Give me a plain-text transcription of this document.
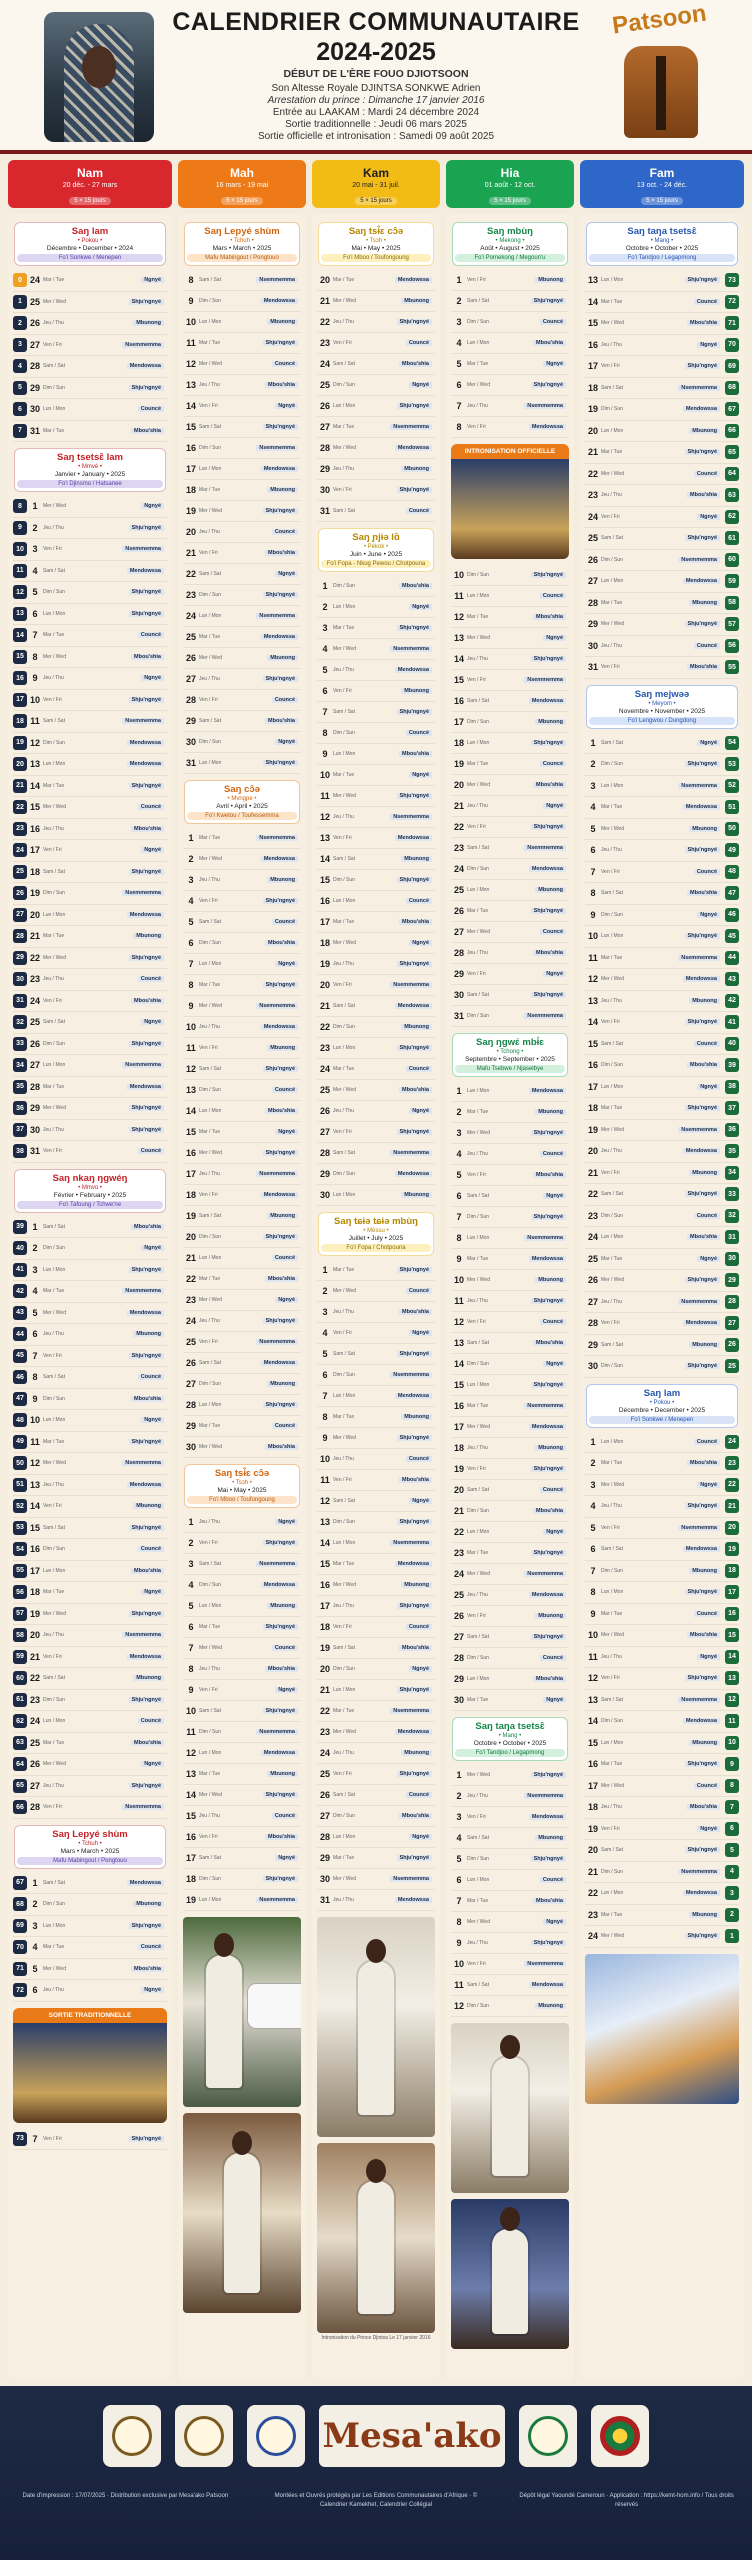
CALENDRIER COMMUNAUTAIRE
2024-2025
DÉBUT DE L'ÈRE FOUO DJIOTSOON
Son Altesse Royale DJINTSA SONKWE Adrien
Arrestation du prince : Dimanche 17 janvier 2016
Entrée au LAAKAM : Mardi 24 décembre 2024
Sortie traditionnelle : Jeudi 06 mars 2025
Sortie officielle et intronisation : Samedi 09 août 2025
Patsoon
Nam
20 déc. - 27 mars
5 × 15 jours
Mah
16 mars - 19 mai
5 × 15 jours
Kam
20 mai - 31 juil.
5 × 15 jours
Hia
01 août - 12 oct.
5 × 15 jours
Fam
13 oct. - 24 déc.
5 × 15 jours
Saŋ lam
• Pokou •
Décembre • December • 2024
Fo'i Sonkwe / Menepen
0 24 Mar / Tue	Ngnyé
1 25 Mer / Wed	Shju'ngnyé
2 26 Jeu / Thu	Mbunong
3 27 Ven / Fri	Nsemmemma
4 28 Sam / Sat	Mendowssa
5 29 Dim / Sun	Shju'ngnyé
6 30 Lun / Mon	Councé
7 31 Mar / Tue	Mbou'shia
Saŋ tsetsɛ̂ lam
• Mmvé •
Janvier • January • 2025
Fo'i Djinsmo / Hatsanee
8	1	Mer / Wed	Ngnyé
9	2	Jeu / Thu	Shju'ngnyé
10 3	Ven / Fri	Nsemmemma
11 4	Sam / Sat	Mendowssa
12 5	Dim / Sun	Shju'ngnyé
13 6	Lun / Mon	Shju'ngnyé
14 7	Mar / Tue	Councé
15 8	Mer / Wed	Mbou'shia
16 9	Jeu / Thu	Ngnyé
17 10 Ven / Fri	Shju'ngnyé
18 11 Sam / Sat	Nsemmemma
19 12 Dim / Sun	Mendowssa
20 13 Lun / Mon	Mendowssa
21 14 Mar / Tue	Shju'ngnyé
22 15 Mer / Wed	Councé
23 16 Jeu / Thu	Mbou'shia
24 17 Ven / Fri	Ngnyé
25 18 Sam / Sat	Shju'ngnyé
26 19 Dim / Sun	Nsemmemma
27 20 Lun / Mon	Mendowssa
28 21 Mar / Tue	Mbunong
29 22 Mer / Wed	Shju'ngnyé
30 23 Jeu / Thu	Councé
31 24 Ven / Fri	Mbou'shia
32 25 Sam / Sat	Ngnyé
33 26 Dim / Sun	Shju'ngnyé
34 27 Lun / Mon	Nsemmemma
35 28 Mar / Tue	Mendowssa
36 29 Mer / Wed	Shju'ngnyé
37 30 Jeu / Thu	Shju'ngnyé
38 31 Ven / Fri	Councé
Saŋ nkaŋ ŋgwéŋ
• Mmvo •
Février • February • 2025
Fo'i Tafoung / Tchwe'ne
39 1	Sam / Sat	Mbou'shia
40 2	Dim / Sun	Ngnyé
41 3	Lun / Mon	Shju'ngnyé
42 4	Mar / Tue	Nsemmemma
43 5	Mer / Wed	Mendowssa
44 6	Jeu / Thu	Mbunong
45 7	Ven / Fri	Shju'ngnyé
46 8	Sam / Sat	Councé
47 9	Dim / Sun	Mbou'shia
48 10 Lun / Mon	Ngnyé
49 11 Mar / Tue	Shju'ngnyé
50 12 Mer / Wed	Nsemmemma
51 13 Jeu / Thu	Mendowssa
52 14 Ven / Fri	Mbunong
53 15 Sam / Sat	Shju'ngnyé
54 16 Dim / Sun	Councé
55 17 Lun / Mon	Mbou'shia
56 18 Mar / Tue	Ngnyé
57 19 Mer / Wed	Shju'ngnyé
58 20 Jeu / Thu	Nsemmemma
59 21 Ven / Fri	Mendowssa
60 22 Sam / Sat	Mbunong
61 23 Dim / Sun	Shju'ngnyé
62 24 Lun / Mon	Councé
63 25 Mar / Tue	Mbou'shia
64 26 Mer / Wed	Ngnyé
65 27 Jeu / Thu	Shju'ngnyé
66 28 Ven / Fri	Nsemmemma
Saŋ Lepyé shùm
• Tchuh •
Mars • March • 2025
Mafu Mabingout / Pongtouo
67 1	Sam / Sat	Mendowssa
68 2	Dim / Sun	Mbunong
69 3	Lun / Mon	Shju'ngnyé
70 4	Mar / Tue	Councé
71 5	Mer / Wed	Mbou'shia
72 6	Jeu / Thu	Ngnyé
SORTIE TRADITIONNELLE
73 7	Ven / Fri	Shju'ngnyé
Saŋ Lepyé shùm
• Tchuh •
Mars • March • 2025
Mafu Mabingout / Pongtouo
8	Sam / Sat	Nsemmemma
9	Dim / Sun	Mendowssa
10 Lun / Mon	Mbunong
11 Mar / Tue	Shju'ngnyé
12 Mer / Wed	Councé
13 Jeu / Thu	Mbou'shia
14 Ven / Fri	Ngnyé
15 Sam / Sat	Shju'ngnyé
16 Dim / Sun	Nsemmemma
17 Lun / Mon	Mendowssa
18 Mar / Tue	Mbunong
19 Mer / Wed	Shju'ngnyé
20 Jeu / Thu	Councé
21 Ven / Fri	Mbou'shia
22 Sam / Sat	Ngnyé
23 Dim / Sun	Shju'ngnyé
24 Lun / Mon	Nsemmemma
25 Mar / Tue	Mendowssa
26 Mer / Wed	Mbunong
27 Jeu / Thu	Shju'ngnyé
28 Ven / Fri	Councé
29 Sam / Sat	Mbou'shia
30 Dim / Sun	Ngnyé
31 Lun / Mon	Shju'ngnyé
Saŋ cɔ̂ə
• Mvngpe •
Avril • April • 2025
Fo'i Kwetou / Toufessemma
1	Mar / Tue	Nsemmemma
2	Mer / Wed	Mendowssa
3	Jeu / Thu	Mbunong
4	Ven / Fri	Shju'ngnyé
5	Sam / Sat	Councé
6	Dim / Sun	Mbou'shia
7	Lun / Mon	Ngnyé
8	Mar / Tue	Shju'ngnyé
9	Mer / Wed	Nsemmemma
10 Jeu / Thu	Mendowssa
11 Ven / Fri	Mbunong
12 Sam / Sat	Shju'ngnyé
13 Dim / Sun	Councé
14 Lun / Mon	Mbou'shia
15 Mar / Tue	Ngnyé
16 Mer / Wed	Shju'ngnyé
17 Jeu / Thu	Nsemmemma
18 Ven / Fri	Mendowssa
19 Sam / Sat	Mbunong
20 Dim / Sun	Shju'ngnyé
21 Lun / Mon	Councé
22 Mar / Tue	Mbou'shia
23 Mer / Wed	Ngnyé
24 Jeu / Thu	Shju'ngnyé
25 Ven / Fri	Nsemmemma
26 Sam / Sat	Mendowssa
27 Dim / Sun	Mbunong
28 Lun / Mon	Shju'ngnyé
29 Mar / Tue	Councé
30 Mer / Wed	Mbou'shia
Saŋ tsɨ̂ɛ cɔ̂ə
• Tsɔh •
Mai • May • 2025
Fo'i Mboo / Toufongoung
1	Jeu / Thu	Ngnyé
2	Ven / Fri	Shju'ngnyé
3	Sam / Sat	Nsemmemma
4	Dim / Sun	Mendowssa
5	Lun / Mon	Mbunong
6	Mar / Tue	Shju'ngnyé
7	Mer / Wed	Councé
8	Jeu / Thu	Mbou'shia
9	Ven / Fri	Ngnyé
10 Sam / Sat	Shju'ngnyé
11 Dim / Sun	Nsemmemma
12 Lun / Mon	Mendowssa
13 Mar / Tue	Mbunong
14 Mer / Wed	Shju'ngnyé
15 Jeu / Thu	Councé
16 Ven / Fri	Mbou'shia
17 Sam / Sat	Ngnyé
18 Dim / Sun	Shju'ngnyé
19 Lun / Mon	Nsemmemma
Saŋ tsɨ̂ɛ cɔ̂ə
• Tsɔh •
Mai • May • 2025
Fo'i Mboo / Toufongoung
20 Mar / Tue	Mendowssa
21 Mer / Wed	Mbunong
22 Jeu / Thu	Shju'ngnyé
23 Ven / Fri	Councé
24 Sam / Sat	Mbou'shia
25 Dim / Sun	Ngnyé
26 Lun / Mon	Shju'ngnyé
27 Mar / Tue	Nsemmemma
28 Mer / Wed	Mendowssa
29 Jeu / Thu	Mbunong
30 Ven / Fri	Shju'ngnyé
31 Sam / Sat	Councé
Saŋ ɲjɨə lɑ̂
• Pékok •
Juin • June • 2025
Fo'i Fopa - Nkug Pewou / Chotpouna
1	Dim / Sun	Mbou'shia
2	Lun / Mon	Ngnyé
3	Mar / Tue	Shju'ngnyé
4	Mer / Wed	Nsemmemma
5	Jeu / Thu	Mendowssa
6	Ven / Fri	Mbunong
7	Sam / Sat	Shju'ngnyé
8	Dim / Sun	Councé
9	Lun / Mon	Mbou'shia
10 Mar / Tue	Ngnyé
11 Mer / Wed	Shju'ngnyé
12 Jeu / Thu	Nsemmemma
13 Ven / Fri	Mendowssa
14 Sam / Sat	Mbunong
15 Dim / Sun	Shju'ngnyé
16 Lun / Mon	Councé
17 Mar / Tue	Mbou'shia
18 Mer / Wed	Ngnyé
19 Jeu / Thu	Shju'ngnyé
20 Ven / Fri	Nsemmemma
21 Sam / Sat	Mendowssa
22 Dim / Sun	Mbunong
23 Lun / Mon	Shju'ngnyé
24 Mar / Tue	Councé
25 Mer / Wed	Mbou'shia
26 Jeu / Thu	Ngnyé
27 Ven / Fri	Shju'ngnyé
28 Sam / Sat	Nsemmemma
29 Dim / Sun	Mendowssa
30 Lun / Mon	Mbunong
Saŋ tɕɨə tɕɨə mbùŋ
• Mèssu •
Juillet • July • 2025
Fo'i Fopa / Chotpouna
1	Mar / Tue	Shju'ngnyé
2	Mer / Wed	Councé
3	Jeu / Thu	Mbou'shia
4	Ven / Fri	Ngnyé
5	Sam / Sat	Shju'ngnyé
6	Dim / Sun	Nsemmemma
7	Lun / Mon	Mendowssa
8	Mar / Tue	Mbunong
9	Mer / Wed	Shju'ngnyé
10 Jeu / Thu	Councé
11 Ven / Fri	Mbou'shia
12 Sam / Sat	Ngnyé
13 Dim / Sun	Shju'ngnyé
14 Lun / Mon	Nsemmemma
15 Mar / Tue	Mendowssa
16 Mer / Wed	Mbunong
17 Jeu / Thu	Shju'ngnyé
18 Ven / Fri	Councé
19 Sam / Sat	Mbou'shia
20 Dim / Sun	Ngnyé
21 Lun / Mon	Shju'ngnyé
22 Mar / Tue	Nsemmemma
23 Mer / Wed	Mendowssa
24 Jeu / Thu	Mbunong
25 Ven / Fri	Shju'ngnyé
26 Sam / Sat	Councé
27 Dim / Sun	Mbou'shia
28 Lun / Mon	Ngnyé
29 Mar / Tue	Shju'ngnyé
30 Mer / Wed	Nsemmemma
31 Jeu / Thu	Mendowssa
Intronisation du Prince Djintsa Le 17 janvier 2016
Saŋ mbùŋ
• Mekong •
Août • August • 2025
Fo'i Pomekong / Megoun'u
1	Ven / Fri	Mbunong
2	Sam / Sat	Shju'ngnyé
3	Dim / Sun	Councé
4	Lun / Mon	Mbou'shia
5	Mar / Tue	Ngnyé
6	Mer / Wed	Shju'ngnyé
7	Jeu / Thu	Nsemmemma
8	Ven / Fri	Mendowssa
INTRONISATION OFFICIELLE
10 Dim / Sun	Shju'ngnyé
11 Lun / Mon	Councé
12 Mar / Tue	Mbou'shia
13 Mer / Wed	Ngnyé
14 Jeu / Thu	Shju'ngnyé
15 Ven / Fri	Nsemmemma
16 Sam / Sat	Mendowssa
17 Dim / Sun	Mbunong
18 Lun / Mon	Shju'ngnyé
19 Mar / Tue	Councé
20 Mer / Wed	Mbou'shia
21 Jeu / Thu	Ngnyé
22 Ven / Fri	Shju'ngnyé
23 Sam / Sat	Nsemmemma
24 Dim / Sun	Mendowssa
25 Lun / Mon	Mbunong
26 Mar / Tue	Shju'ngnyé
27 Mer / Wed	Councé
28 Jeu / Thu	Mbou'shia
29 Ven / Fri	Ngnyé
30 Sam / Sat	Shju'ngnyé
31 Dim / Sun	Nsemmemma
Saŋ ŋgwɛ́ mbɨ́ɛ
• Tchong •
Septembre • September • 2025
Mafu Tsebwe / Njaselbye
1	Lun / Mon	Mendowssa
2	Mar / Tue	Mbunong
3	Mer / Wed	Shju'ngnyé
4	Jeu / Thu	Councé
5	Ven / Fri	Mbou'shia
6	Sam / Sat	Ngnyé
7	Dim / Sun	Shju'ngnyé
8	Lun / Mon	Nsemmemma
9	Mar / Tue	Mendowssa
10 Mer / Wed	Mbunong
11 Jeu / Thu	Shju'ngnyé
12 Ven / Fri	Councé
13 Sam / Sat	Mbou'shia
14 Dim / Sun	Ngnyé
15 Lun / Mon	Shju'ngnyé
16 Mar / Tue	Nsemmemma
17 Mer / Wed	Mendowssa
18 Jeu / Thu	Mbunong
19 Ven / Fri	Shju'ngnyé
20 Sam / Sat	Councé
21 Dim / Sun	Mbou'shia
22 Lun / Mon	Ngnyé
23 Mar / Tue	Shju'ngnyé
24 Mer / Wed	Nsemmemma
25 Jeu / Thu	Mendowssa
26 Ven / Fri	Mbunong
27 Sam / Sat	Shju'ngnyé
28 Dim / Sun	Councé
29 Lun / Mon	Mbou'shia
30 Mar / Tue	Ngnyé
Saŋ taŋa tsetsɛ̂
• Mang •
Octobre • October • 2025
Fo'i Tandjoo / Legapmong
1	Mer / Wed	Shju'ngnyé
2	Jeu / Thu	Nsemmemma
3	Ven / Fri	Mendowssa
4	Sam / Sat	Mbunong
5	Dim / Sun	Shju'ngnyé
6	Lun / Mon	Councé
7	Mar / Tue	Mbou'shia
8	Mer / Wed	Ngnyé
9	Jeu / Thu	Shju'ngnyé
10 Ven / Fri	Nsemmemma
11 Sam / Sat	Mendowssa
12 Dim / Sun	Mbunong
Saŋ taŋa tsetsɛ̂
• Mang •
Octobre • October • 2025
Fo'i Tandjoo / Legapmong
13 Lun / Mon	Shju'ngnyé	73
14 Mar / Tue	Councé	72
15 Mer / Wed	Mbou'shia	71
16 Jeu / Thu	Ngnyé	70
17 Ven / Fri	Shju'ngnyé	69
18 Sam / Sat	Nsemmemma	68
19 Dim / Sun	Mendowssa	67
20 Lun / Mon	Mbunong	66
21 Mar / Tue	Shju'ngnyé	65
22 Mer / Wed	Councé	64
23 Jeu / Thu	Mbou'shia	63
24 Ven / Fri	Ngnyé	62
25 Sam / Sat	Shju'ngnyé	61
26 Dim / Sun	Nsemmemma	60
27 Lun / Mon	Mendowssa	59
28 Mar / Tue	Mbunong	58
29 Mer / Wed	Shju'ngnyé	57
30 Jeu / Thu	Councé	56
31 Ven / Fri	Mbou'shia	55
Saŋ mejwəə
• Meyom •
Novembre • November • 2025
Fo'i Lengwou / Dungdong
1	Sam / Sat	Ngnyé	54
2	Dim / Sun	Shju'ngnyé	53
3	Lun / Mon	Nsemmemma	52
4	Mar / Tue	Mendowssa	51
5	Mer / Wed	Mbunong	50
6	Jeu / Thu	Shju'ngnyé	49
7	Ven / Fri	Councé	48
8	Sam / Sat	Mbou'shia	47
9	Dim / Sun	Ngnyé	46
10 Lun / Mon	Shju'ngnyé	45
11 Mar / Tue	Nsemmemma	44
12 Mer / Wed	Mendowssa	43
13 Jeu / Thu	Mbunong	42
14 Ven / Fri	Shju'ngnyé	41
15 Sam / Sat	Councé	40
16 Dim / Sun	Mbou'shia	39
17 Lun / Mon	Ngnyé	38
18 Mar / Tue	Shju'ngnyé	37
19 Mer / Wed	Nsemmemma	36
20 Jeu / Thu	Mendowssa	35
21 Ven / Fri	Mbunong	34
22 Sam / Sat	Shju'ngnyé	33
23 Dim / Sun	Councé	32
24 Lun / Mon	Mbou'shia	31
25 Mar / Tue	Ngnyé	30
26 Mer / Wed	Shju'ngnyé	29
27 Jeu / Thu	Nsemmemma	28
28 Ven / Fri	Mendowssa	27
29 Sam / Sat	Mbunong	26
30 Dim / Sun	Shju'ngnyé	25
Saŋ lam
• Pokou •
Décembre • December • 2025
Fo'i Sonkwe / Menepen
1	Lun / Mon	Councé	24
2	Mar / Tue	Mbou'shia	23
3	Mer / Wed	Ngnyé	22
4	Jeu / Thu	Shju'ngnyé	21
5	Ven / Fri	Nsemmemma	20
6	Sam / Sat	Mendowssa	19
7	Dim / Sun	Mbunong	18
8	Lun / Mon	Shju'ngnyé	17
9	Mar / Tue	Councé	16
10 Mer / Wed	Mbou'shia	15
11 Jeu / Thu	Ngnyé	14
12 Ven / Fri	Shju'ngnyé	13
13 Sam / Sat	Nsemmemma	12
14 Dim / Sun	Mendowssa	11
15 Lun / Mon	Mbunong	10
16 Mar / Tue	Shju'ngnyé	9
17 Mer / Wed	Councé	8
18 Jeu / Thu	Mbou'shia	7
19 Ven / Fri	Ngnyé	6
20 Sam / Sat	Shju'ngnyé	5
21 Dim / Sun	Nsemmemma	4
22 Lun / Mon	Mendowssa	3
23 Mar / Tue	Mbunong	2
24 Mer / Wed	Shju'ngnyé	1
Mesa'ako
Date d'impression : 17/07/2025 · Distribution exclusive par Mesa'ako Patsoon	Montées et Ouvrés protégés par Les Editions Communautaires d'Afrique · © Calendrier Kamekhet, Calendrier Collégial
Dépôt légal Yaoundé Cameroun · Application : https://kemt-hom.info / Tous droits réservés
